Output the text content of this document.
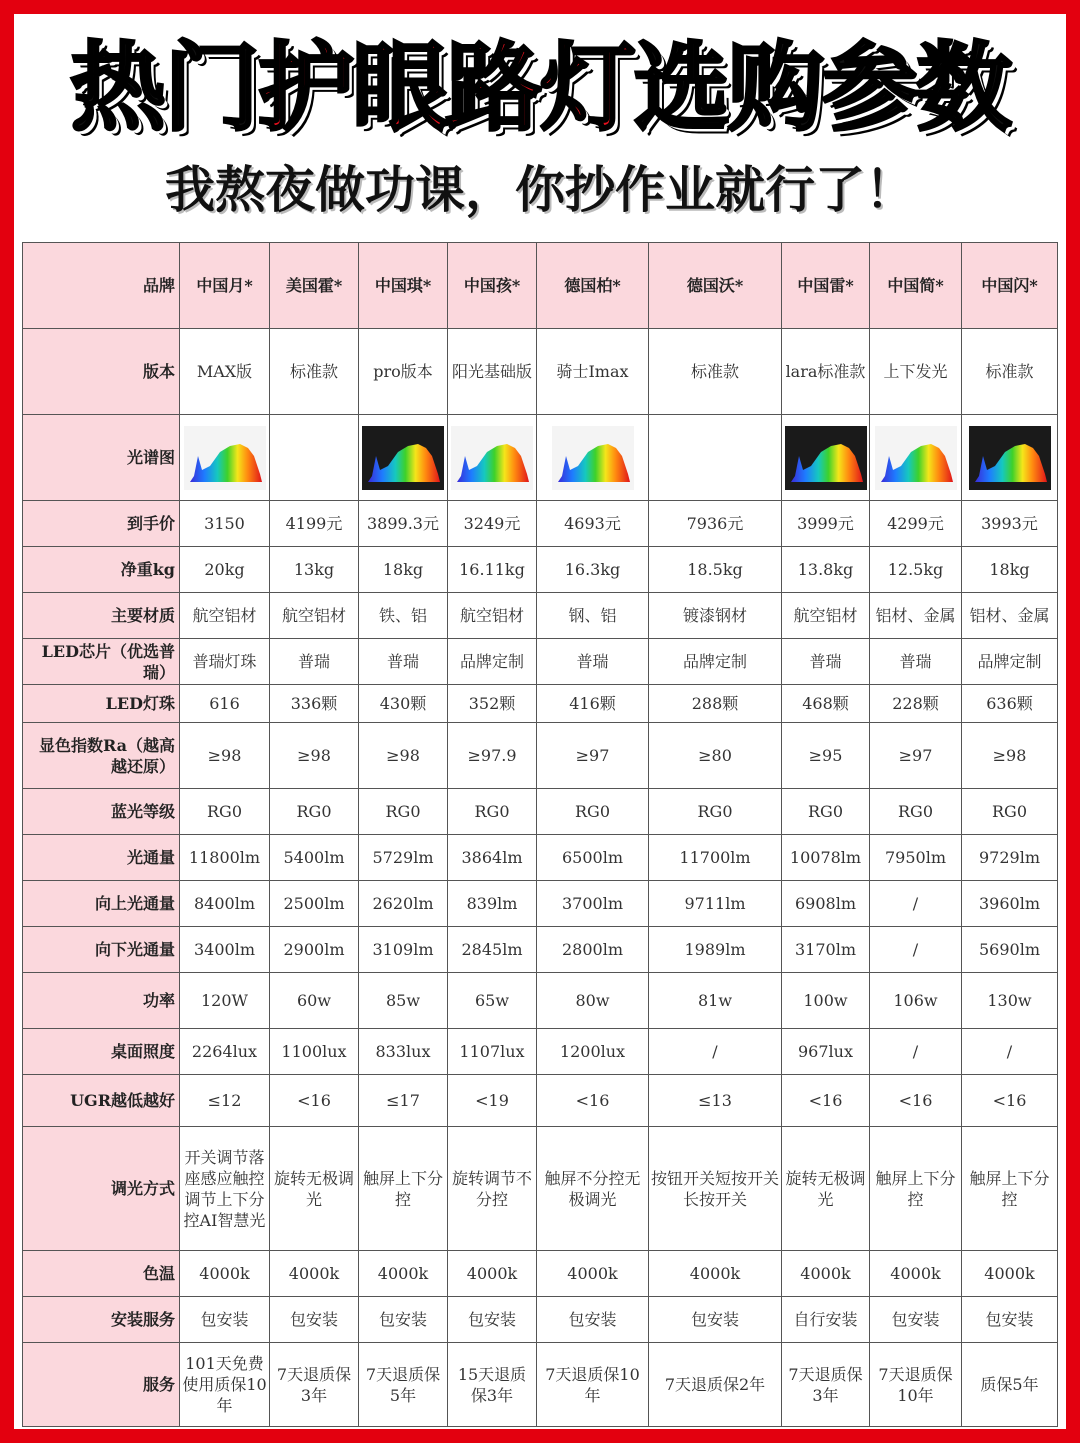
热门护眼路灯选购参数
我熬夜做功课，你抄作业就行了！
品牌	中国月*	美国霍*	中国琪*	中国孩*	德国柏*	德国沃*	中国雷*	中国简*	中国闪*
版本	MAX版	标准款	pro版本	阳光基础版	骑士Imax	标准款	lara标准款	上下发光	标准款
光谱图	

到手价	3150	4199元	3899.3元	3249元	4693元	7936元	3999元	4299元	3993元
净重kg	20kg	13kg	18kg	16.11kg	16.3kg	18.5kg	13.8kg	12.5kg	18kg
主要材质	航空铝材	航空铝材	铁、铝	航空铝材	钢、铝	镀漆钢材	航空铝材	铝材、金属	铝材、金属
LED芯片（优选普瑞）	普瑞灯珠	普瑞	普瑞	品牌定制	普瑞	品牌定制	普瑞	普瑞	品牌定制
LED灯珠	616	336颗	430颗	352颗	416颗	288颗	468颗	228颗	636颗
显色指数Ra（越高越还原）	≥98	≥98	≥98	≥97.9	≥97	≥80	≥95	≥97	≥98
蓝光等级	RG0	RG0	RG0	RG0	RG0	RG0	RG0	RG0	RG0
光通量	11800lm	5400lm	5729lm	3864lm	6500lm	11700lm	10078lm	7950lm	9729lm
向上光通量	8400lm	2500lm	2620lm	839lm	3700lm	9711lm	6908lm	/	3960lm
向下光通量	3400lm	2900lm	3109lm	2845lm	2800lm	1989lm	3170lm	/	5690lm
功率	120W	60w	85w	65w	80w	81w	100w	106w	130w
桌面照度	2264lux	1100lux	833lux	1107lux	1200lux	/	967lux	/	/
UGR越低越好	≤12	<16	≤17	<19	<16	≤13	<16	<16	<16
调光方式	开关调节落座感应触控调节上下分控AI智慧光	旋转无极调光	触屏上下分控	旋转调节不分控	触屏不分控无极调光	按钮开关短按开关长按开关	旋转无极调光	触屏上下分控	触屏上下分控
色温	4000k	4000k	4000k	4000k	4000k	4000k	4000k	4000k	4000k
安装服务	包安装	包安装	包安装	包安装	包安装	包安装	自行安装	包安装	包安装
服务	101天免费使用质保10年	7天退质保3年	7天退质保5年	15天退质保3年	7天退质保10年	7天退质保2年	7天退质保3年	7天退质保10年	质保5年
